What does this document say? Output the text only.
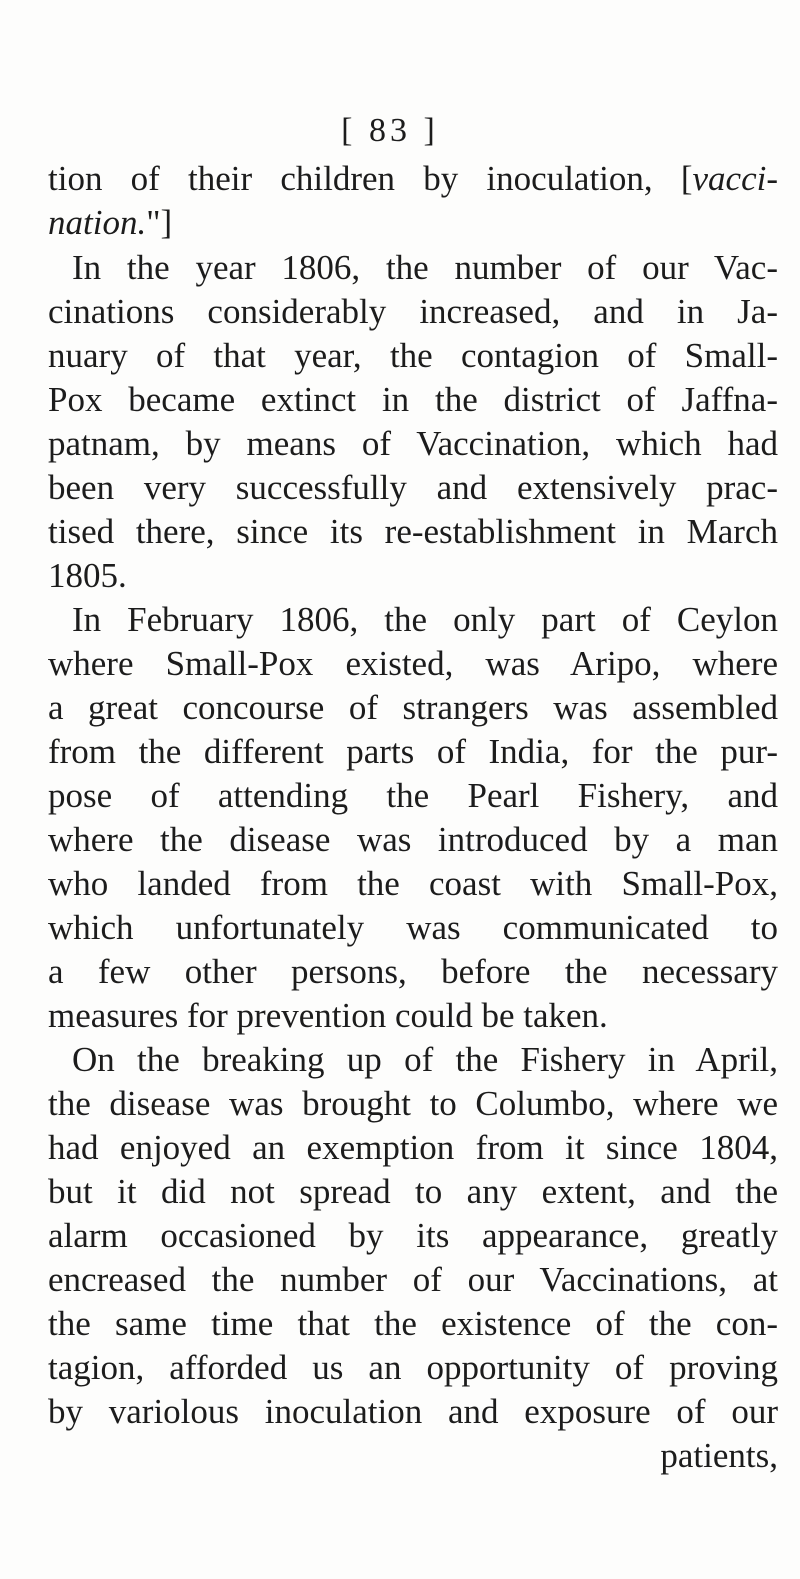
[ 83 ]
tion of their children by inoculation, [vacci-
nation."]
In the year 1806, the number of our Vac-
cinations considerably increased, and in Ja-
nuary of that year, the contagion of Small-
Pox became extinct in the district of Jaffna-
patnam, by means of Vaccination, which had
been very successfully and extensively prac-
tised there, since its re-establishment in March
1805.
In February 1806, the only part of Ceylon
where Small-Pox existed, was Aripo, where
a great concourse of strangers was assembled
from the different parts of India, for the pur-
pose of attending the Pearl Fishery, and
where the disease was introduced by a man
who landed from the coast with Small-Pox,
which unfortunately was communicated to
a few other persons, before the necessary
measures for prevention could be taken.
On the breaking up of the Fishery in April,
the disease was brought to Columbo, where we
had enjoyed an exemption from it since 1804,
but it did not spread to any extent, and the
alarm occasioned by its appearance, greatly
encreased the number of our Vaccinations, at
the same time that the existence of the con-
tagion, afforded us an opportunity of proving
by variolous inoculation and exposure of our
patients,
